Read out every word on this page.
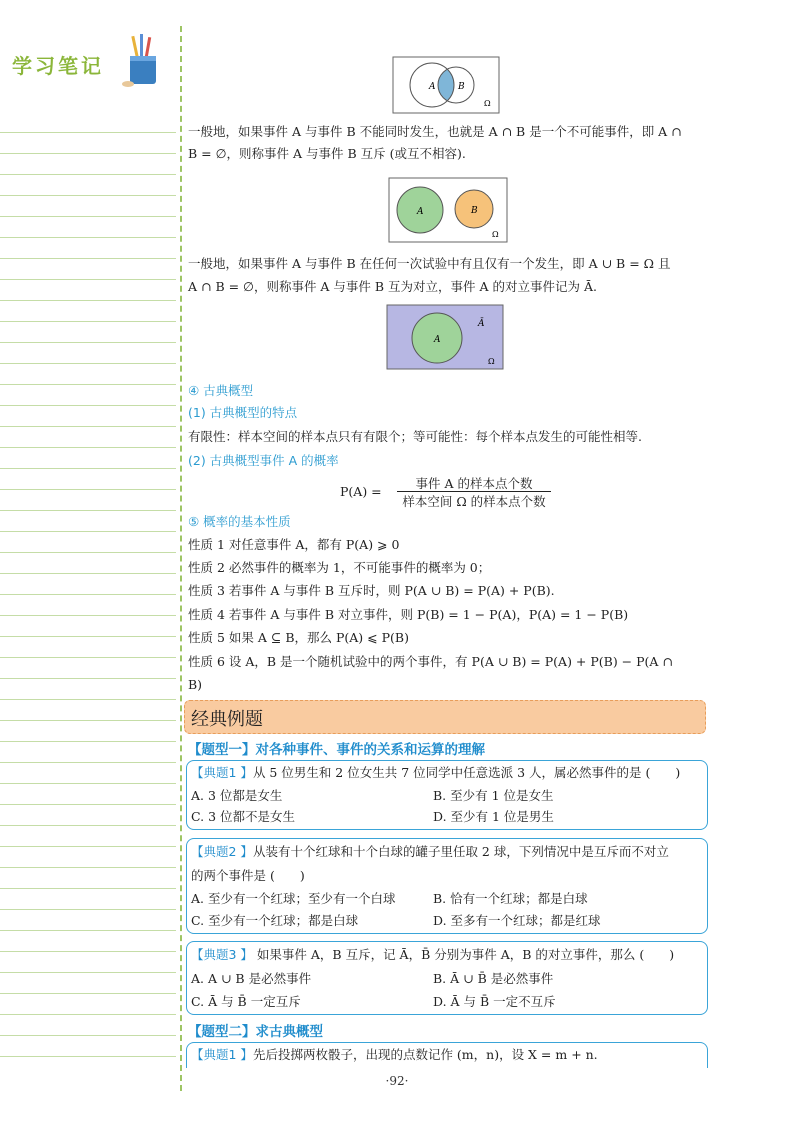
学习笔记
A	B
Ω
一般地，如果事件 A 与事件 B 不能同时发生，也就是 A ∩ B 是一个不可能事件，即 A ∩
B = ∅，则称事件 A 与事件 B 互斥 (或互不相容).
A	B
Ω
一般地，如果事件 A 与事件 B 在任何一次试验中有且仅有一个发生，即 A ∪ B = Ω 且
A ∩ B = ∅，则称事件 A 与事件 B 互为对立，事件 A 的对立事件记为 Ā.
A
Ā
Ω
④ 古典概型
(1) 古典概型的特点
有限性：样本空间的样本点只有有限个；等可能性：每个样本点发生的可能性相等.
(2) 古典概型事件 A 的概率
P(A) =
事件 A 的样本点个数
样本空间 Ω 的样本点个数
⑤ 概率的基本性质
性质 1 对任意事件 A，都有 P(A) ⩾ 0
性质 2 必然事件的概率为 1，不可能事件的概率为 0；
性质 3 若事件 A 与事件 B 互斥时，则 P(A ∪ B) = P(A) + P(B).
性质 4 若事件 A 与事件 B 对立事件，则 P(B) = 1 − P(A)，P(A) = 1 − P(B)
性质 5 如果 A ⊆ B，那么 P(A) ⩽ P(B)
性质 6 设 A，B 是一个随机试验中的两个事件，有 P(A ∪ B) = P(A) + P(B) − P(A ∩
B)
经典例题
【题型一】对各种事件、事件的关系和运算的理解
【典题1 】从 5 位男生和 2 位女生共 7 位同学中任意选派 3 人，属必然事件的是 (　　)
A. 3 位都是女生	B. 至少有 1 位是女生
C. 3 位都不是女生	D. 至少有 1 位是男生
【典题2 】从装有十个红球和十个白球的罐子里任取 2 球，下列情况中是互斥而不对立
的两个事件是 (　　)
A. 至少有一个红球；至少有一个白球	B. 恰有一个红球；都是白球
C. 至少有一个红球；都是白球	D. 至多有一个红球；都是红球
【典题3 】 如果事件 A，B 互斥，记 Ā，B̄ 分别为事件 A，B 的对立事件，那么 (　　)
A. A ∪ B 是必然事件	B. Ā ∪ B̄ 是必然事件
C. Ā 与 B̄ 一定互斥	D. Ā 与 B̄ 一定不互斥
【题型二】求古典概型
【典题1 】先后投掷两枚骰子，出现的点数记作 (m，n)，设 X = m + n.
·92·
